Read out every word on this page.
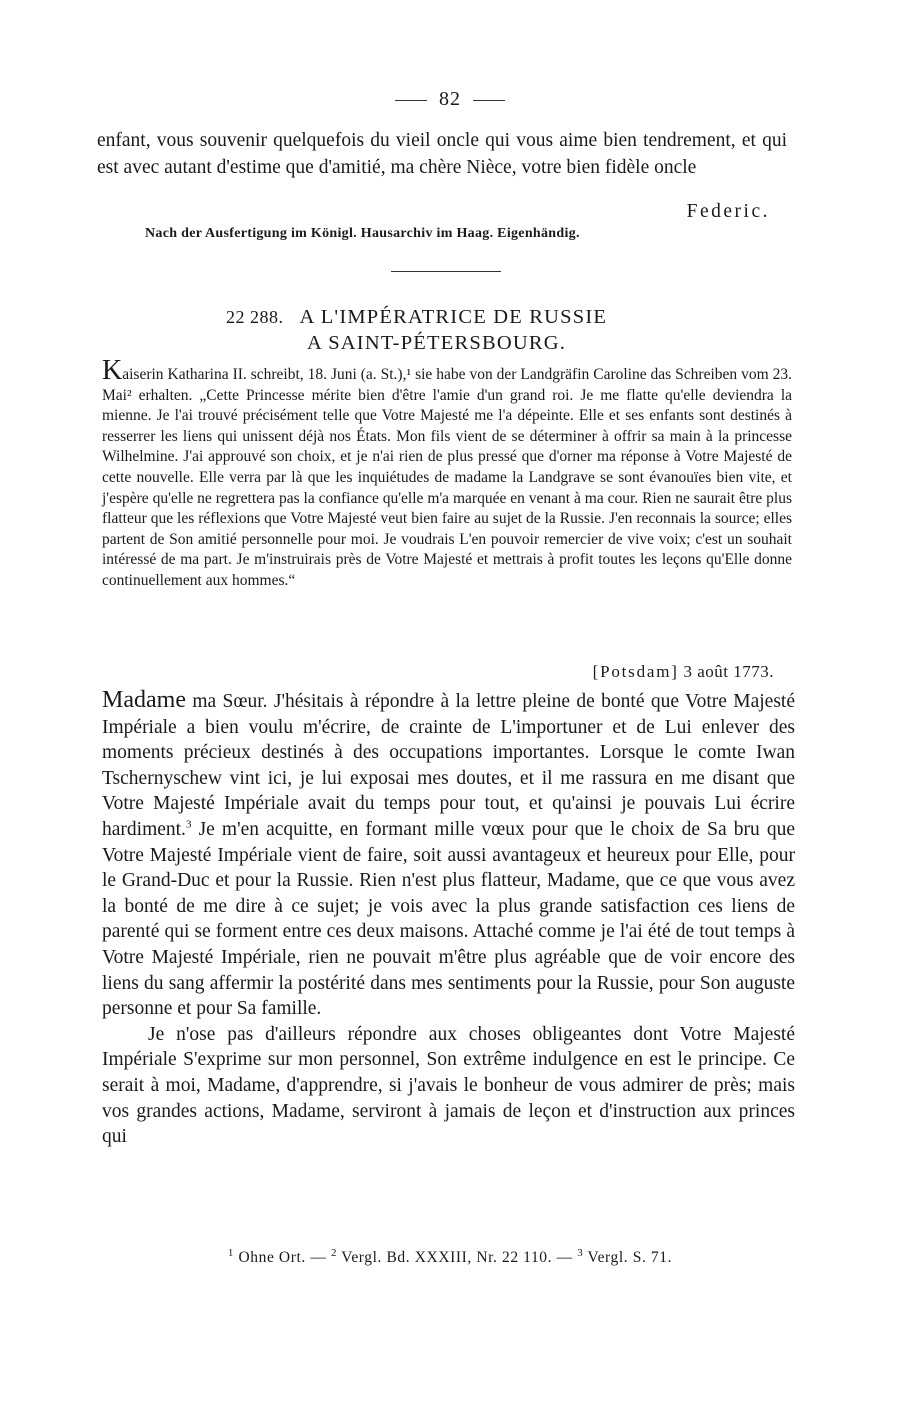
82

enfant, vous souvenir quelquefois du vieil oncle qui vous aime bien tendrement, et qui est avec autant d'estime que d'amitié, ma chère Nièce, votre bien fidèle oncle

Federic.
Nach der Ausfertigung im Königl. Hausarchiv im Haag. Eigenhändig.
22 288. A L'IMPÉRATRICE DE RUSSIE
A SAINT-PÉTERSBOURG.

Kaiserin Katharina II. schreibt, 18. Juni (a. St.),¹ sie habe von der Landgräfin Caroline das Schreiben vom 23. Mai² erhalten. „Cette Princesse mérite bien d'être l'amie d'un grand roi. Je me flatte qu'elle deviendra la mienne. Je l'ai trouvé précisément telle que Votre Majesté me l'a dépeinte. Elle et ses enfants sont destinés à resserrer les liens qui unissent déjà nos États. Mon fils vient de se déterminer à offrir sa main à la princesse Wilhelmine. J'ai approuvé son choix, et je n'ai rien de plus pressé que d'orner ma réponse à Votre Majesté de cette nouvelle. Elle verra par là que les inquiétudes de madame la Landgrave se sont évanouïes bien vite, et j'espère qu'elle ne regrettera pas la confiance qu'elle m'a marquée en venant à ma cour. Rien ne saurait être plus flatteur que les réflexions que Votre Majesté veut bien faire au sujet de la Russie. J'en reconnais la source; elles partent de Son amitié personnelle pour moi. Je voudrais L'en pouvoir remercier de vive voix; c'est un souhait intéressé de ma part. Je m'instruirais près de Votre Majesté et mettrais à profit toutes les leçons qu'Elle donne continuellement aux hommes.“

[Potsdam] 3 août 1773.

Madame ma Sœur. J'hésitais à répondre à la lettre pleine de bonté que Votre Majesté Impériale a bien voulu m'écrire, de crainte de L'importuner et de Lui enlever des moments précieux destinés à des occupations importantes. Lorsque le comte Iwan Tschernyschew vint ici, je lui exposai mes doutes, et il me rassura en me disant que Votre Majesté Impériale avait du temps pour tout, et qu'ainsi je pouvais Lui écrire hardiment.$^3$ Je m'en acquitte, en formant mille vœux pour que le choix de Sa bru que Votre Majesté Impériale vient de faire, soit aussi avantageux et heureux pour Elle, pour le Grand-Duc et pour la Russie. Rien n'est plus flatteur, Madame, que ce que vous avez la bonté de me dire à ce sujet; je vois avec la plus grande satisfaction ces liens de parenté qui se forment entre ces deux maisons. Attaché comme je l'ai été de tout temps à Votre Majesté Impériale, rien ne pouvait m'être plus agréable que de voir encore des liens du sang affermir la postérité dans mes sentiments pour la Russie, pour Son auguste personne et pour Sa famille.

Je n'ose pas d'ailleurs répondre aux choses obligeantes dont Votre Majesté Impériale S'exprime sur mon personnel, Son extrême indulgence en est le principe. Ce serait à moi, Madame, d'apprendre, si j'avais le bonheur de vous admirer de près; mais vos grandes actions, Madame, serviront à jamais de leçon et d'instruction aux princes qui

$^1$ Ohne Ort. — $^2$ Vergl. Bd. XXXIII, Nr. 22 110. — $^3$ Vergl. S. 71.
